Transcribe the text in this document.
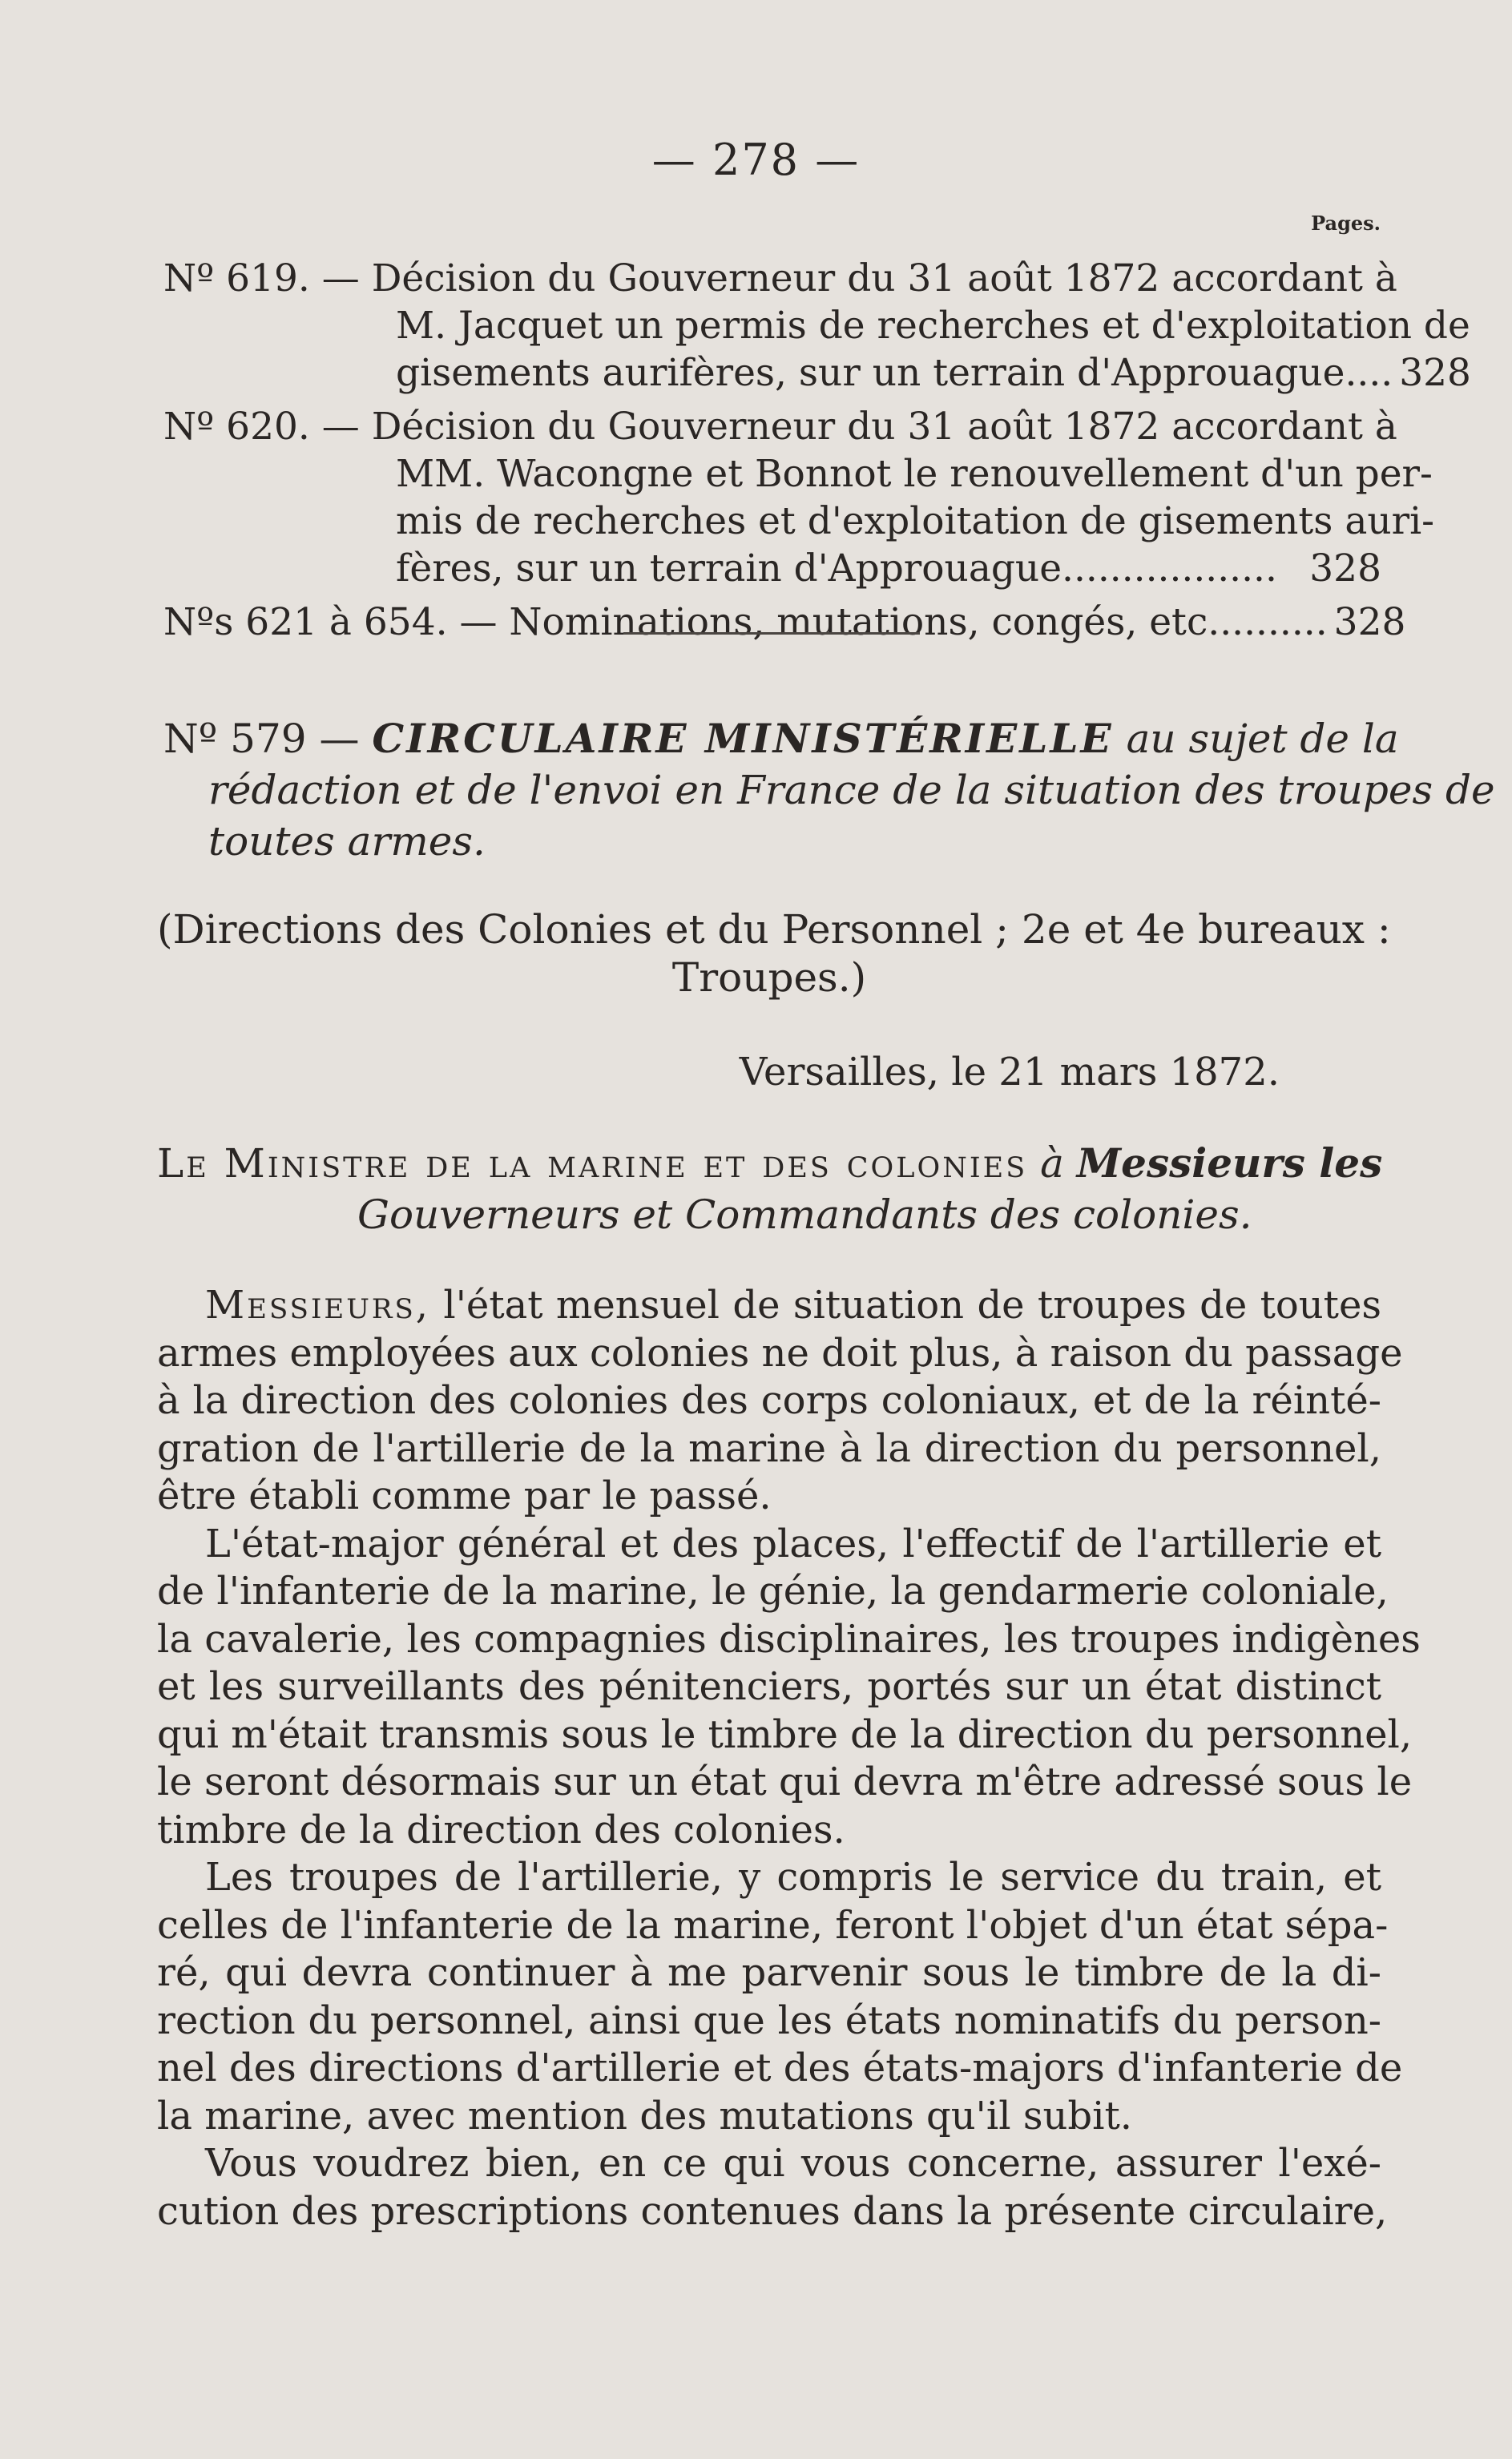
— 278 —
Pages.
Nº 619. — Décision du Gouverneur du 31 août 1872 accordant à
M. Jacquet un permis de recherches et d'exploitation de
gisements aurifères, sur un terrain d'Approuague.... 328
Nº 620. — Décision du Gouverneur du 31 août 1872 accordant à
MM. Wacongne et Bonnot le renouvellement d'un per-
mis de recherches et d'exploitation de gisements auri-
fères, sur un terrain d'Approuague.................. 328
Nºs 621 à 654. — Nominations, mutations, congés, etc.......... 328
Nº 579 — CIRCULAIRE MINISTÉRIELLE au sujet de la
rédaction et de l'envoi en France de la situation des troupes de
toutes armes.
(Directions des Colonies et du Personnel ; 2e et 4e bureaux :
Troupes.)
Versailles, le 21 mars 1872.
Le Ministre de la marine et des colonies à Messieurs les
Gouverneurs et Commandants des colonies.

Messieurs, l'état mensuel de situation de troupes de toutes
armes employées aux colonies ne doit plus, à raison du passage
à la direction des colonies des corps coloniaux, et de la réinté-
gration de l'artillerie de la marine à la direction du personnel,
être établi comme par le passé.

L'état-major général et des places, l'effectif de l'artillerie et
de l'infanterie de la marine, le génie, la gendarmerie coloniale,
la cavalerie, les compagnies disciplinaires, les troupes indigènes
et les surveillants des pénitenciers, portés sur un état distinct
qui m'était transmis sous le timbre de la direction du personnel,
le seront désormais sur un état qui devra m'être adressé sous le
timbre de la direction des colonies.

Les troupes de l'artillerie, y compris le service du train, et
celles de l'infanterie de la marine, feront l'objet d'un état sépa-
ré, qui devra continuer à me parvenir sous le timbre de la di-
rection du personnel, ainsi que les états nominatifs du person-
nel des directions d'artillerie et des états-majors d'infanterie de
la marine, avec mention des mutations qu'il subit.

Vous voudrez bien, en ce qui vous concerne, assurer l'exé-
cution des prescriptions contenues dans la présente circulaire,
